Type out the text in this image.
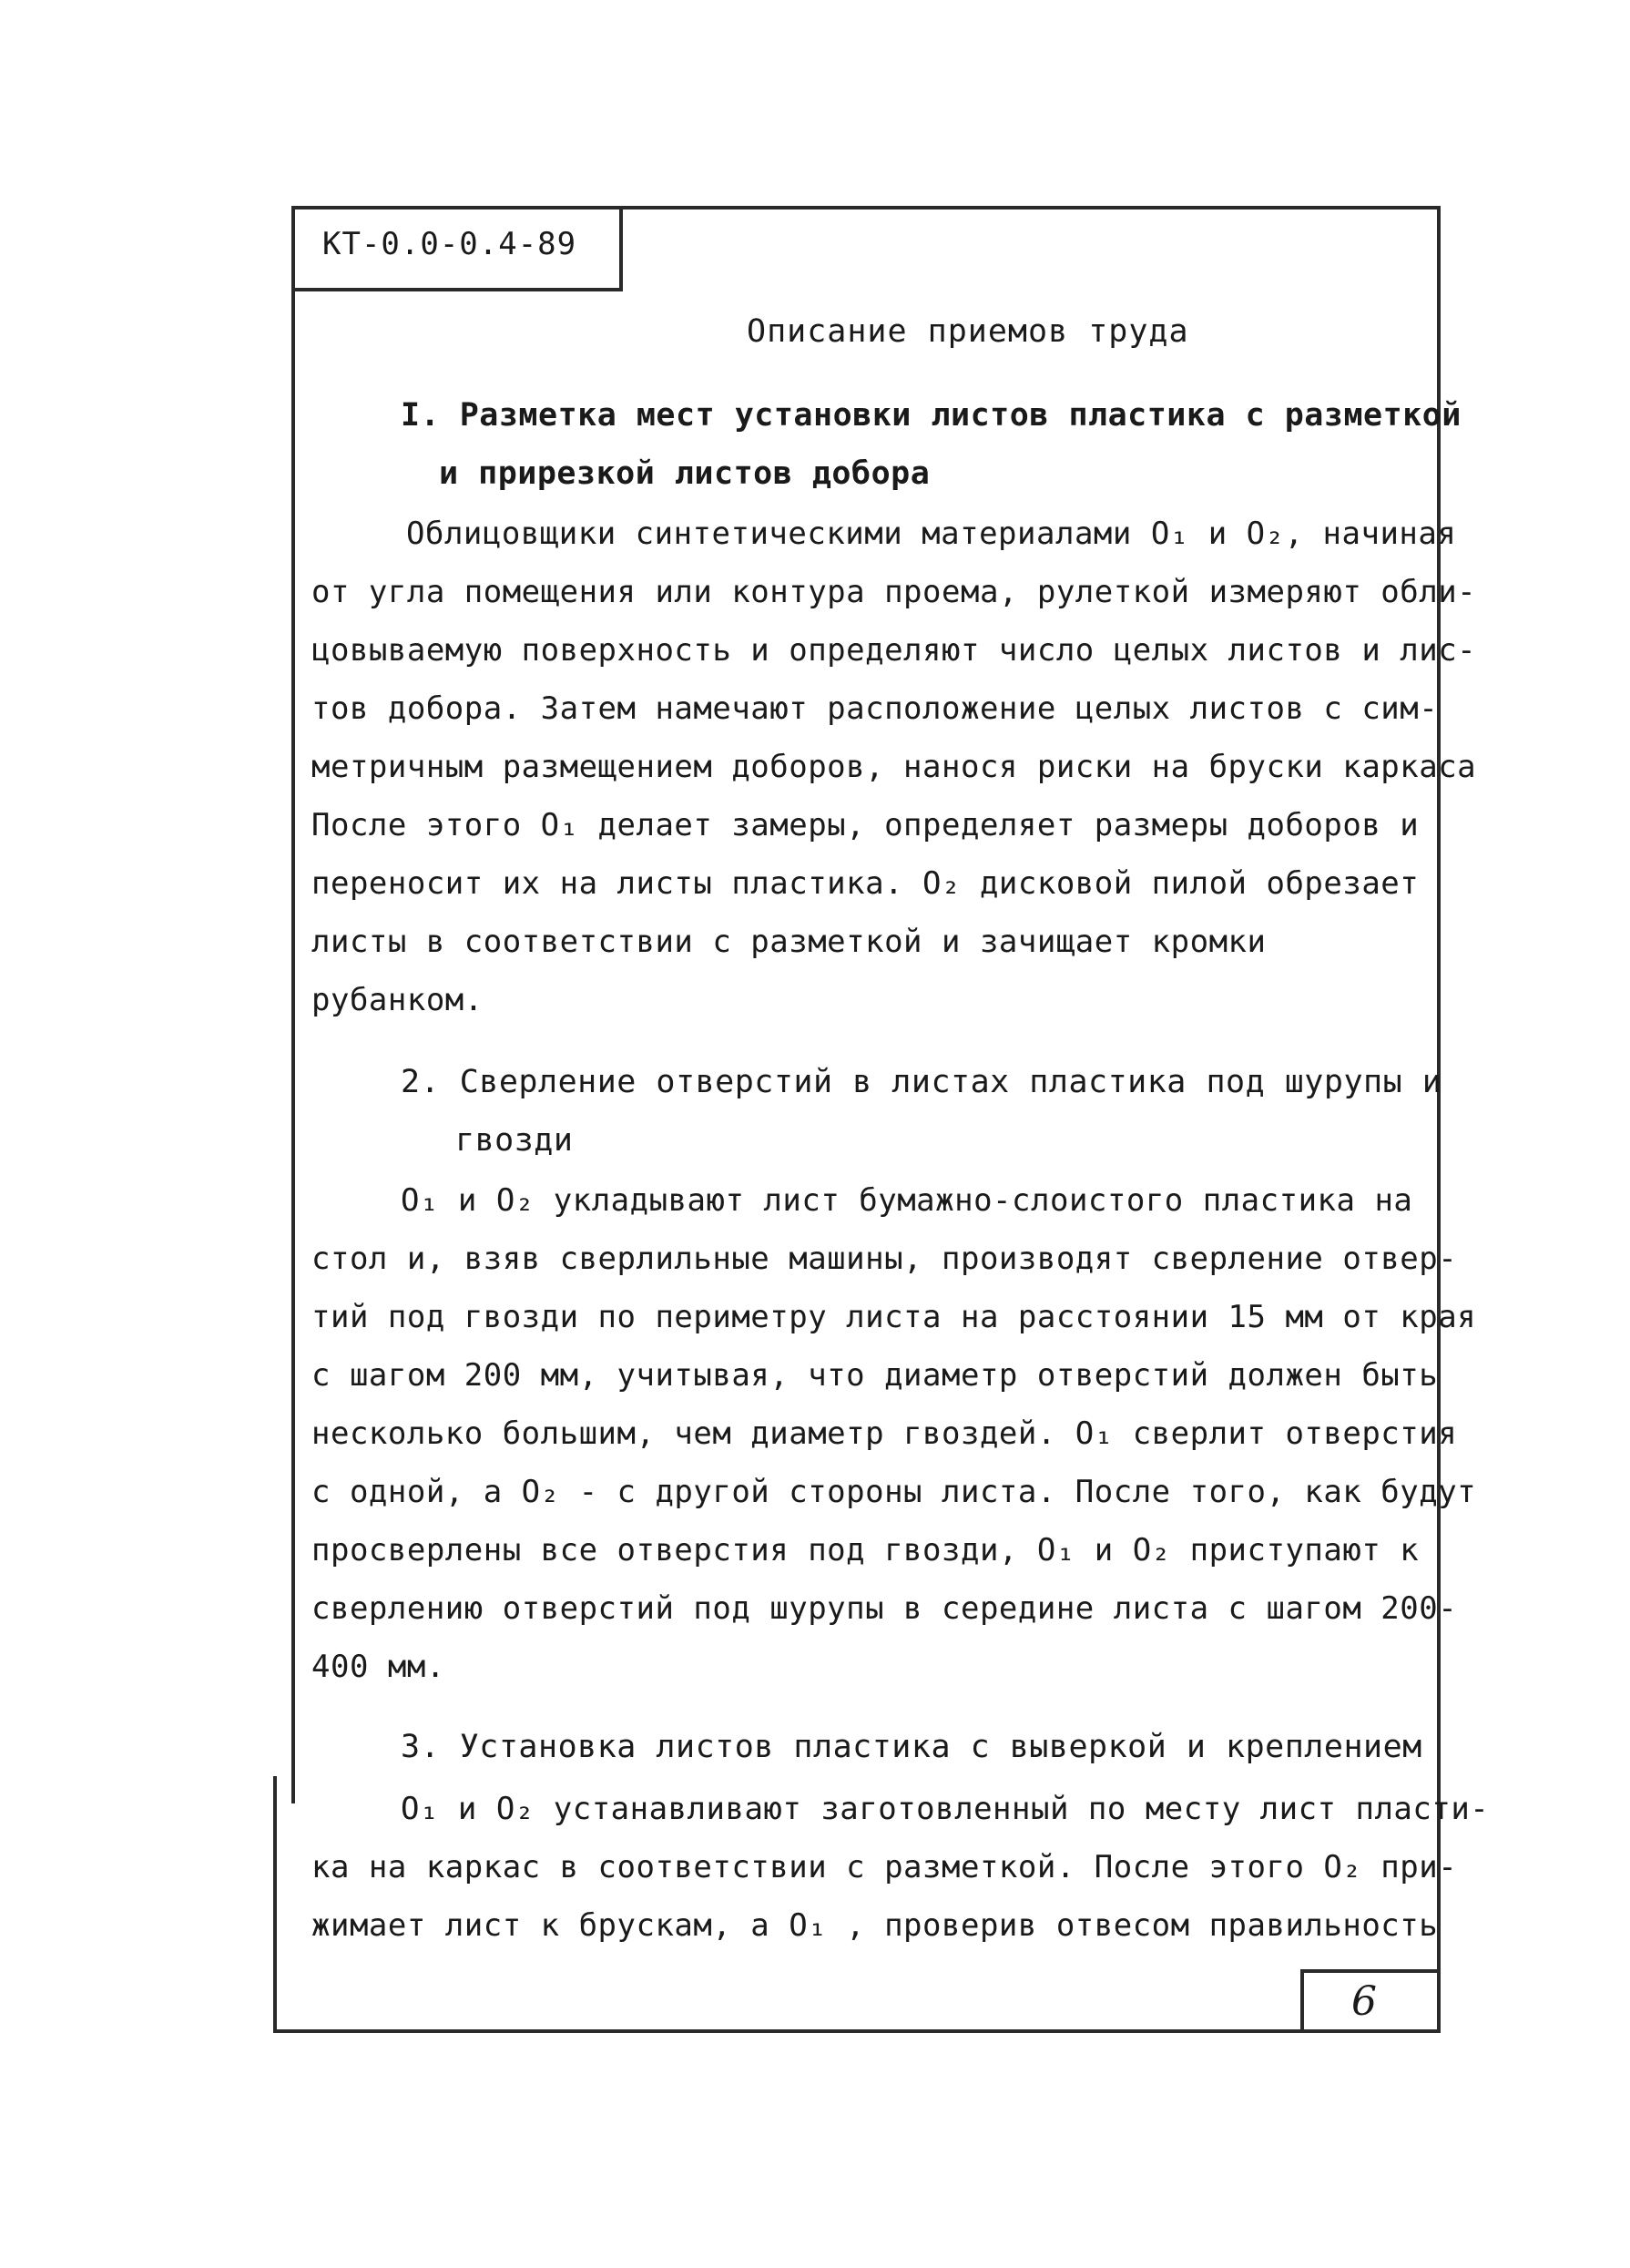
КТ-0.0-0.4-89
Описание приемов труда
I. Разметка мест установки листов пластика с разметкой
и прирезкой листов добора
Облицовщики синтетическими материалами О₁ и О₂, начиная
от угла помещения или контура проема, рулеткой измеряют обли-
цовываемую поверхность и определяют число целых листов и лис-
тов добора. Затем намечают расположение целых листов с сим-
метричным размещением доборов, нанося риски на бруски каркаса
После этого О₁ делает замеры, определяет размеры доборов и
переносит их на листы пластика. О₂ дисковой пилой обрезает
листы в соответствии с разметкой и зачищает кромки
рубанком.
2. Сверление отверстий в листах пластика под шурупы и
гвозди
О₁ и О₂ укладывают лист бумажно-слоистого пластика на
стол и, взяв сверлильные машины, производят сверление отвер-
тий под гвозди по периметру листа на расстоянии 15 мм от края
с шагом 200 мм, учитывая, что диаметр отверстий должен быть
несколько большим, чем диаметр гвоздей. О₁ сверлит отверстия
с одной, а О₂ - с другой стороны листа. После того, как будут
просверлены все отверстия под гвозди, О₁ и О₂ приступают к
сверлению отверстий под шурупы в середине листа с шагом 200-
400 мм.
3. Установка листов пластика с выверкой и креплением
О₁ и О₂ устанавливают заготовленный по месту лист пласти-
ка на каркас в соответствии с разметкой. После этого О₂ при-
жимает лист к брускам, а О₁ , проверив отвесом правильность
6
